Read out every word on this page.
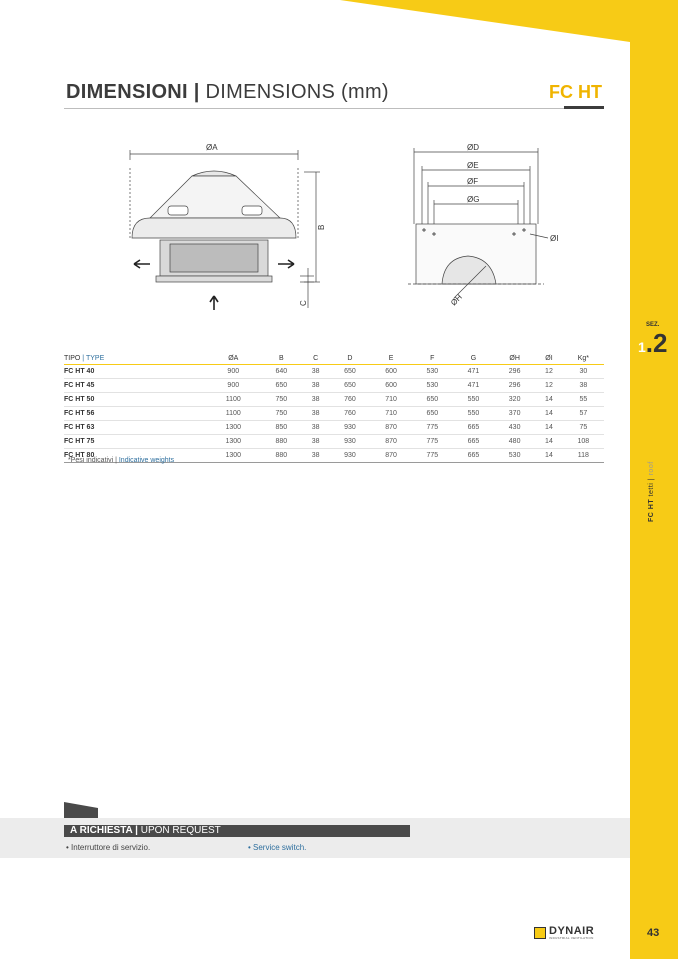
DIMENSIONI | DIMENSIONS (mm)	FC HT
SEZ.
1.2
FC HT tetti | roof
ØA
B
C
ØD
ØE
ØF
ØG
ØI
ØH
TIPO | TYPE	ØA	B	C	D	E	F	G	ØH	ØI	Kg*
FC HT 40	900	640	38	650	600	530	471	296	12	30
FC HT 45	900	650	38	650	600	530	471	296	12	38
FC HT 50	1100	750	38	760	710	650	550	320	14	55
FC HT 56	1100	750	38	760	710	650	550	370	14	57
FC HT 63	1300	850	38	930	870	775	665	430	14	75
FC HT 75	1300	880	38	930	870	775	665	480	14	108
FC HT 80	1300	880	38	930	870	775	665	530	14	118
*Pesi indicativi | Indicative weights
A RICHIESTA | UPON REQUEST
• Interruttore di servizio.	• Service switch.
DYNAIR
INDUSTRIAL VENTILATION	43
